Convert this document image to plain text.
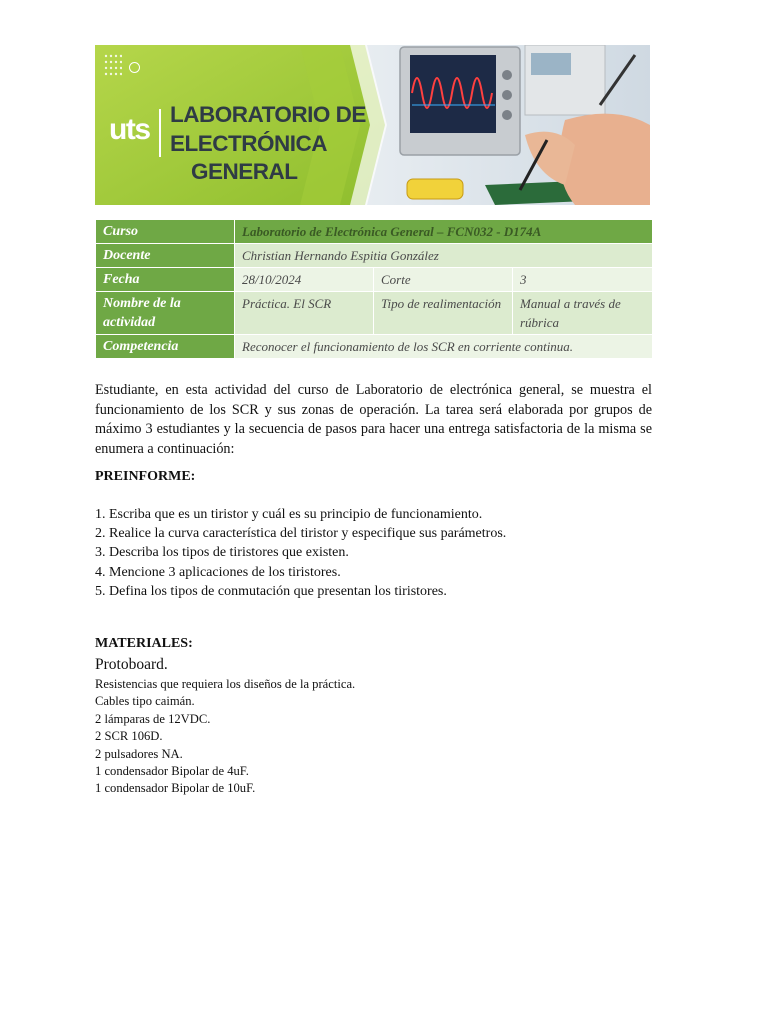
uts LABORATORIO DE
ELECTRÓNICA
GENERAL
Curso	Laboratorio de Electrónica General – FCN032 - D174A		
Docente	Christian Hernando Espitia González		
Fecha	28/10/2024	Corte	3
Nombre de la actividad	Práctica. El SCR	Tipo de realimentación	Manual a través de rúbrica
Competencia	Reconocer el funcionamiento de los SCR en corriente continua.		

Estudiante, en esta actividad del curso de Laboratorio de electrónica general, se muestra el funcionamiento de los SCR y sus zonas de operación. La tarea será elaborada por grupos de máximo 3 estudiantes y la secuencia de pasos para hacer una entrega satisfactoria de la misma se enumera a continuación:

PREINFORME:

1. Escriba que es un tiristor y cuál es su principio de funcionamiento.
2. Realice la curva característica del tiristor y especifique sus parámetros.
3. Describa los tipos de tiristores que existen.
4. Mencione 3 aplicaciones de los tiristores.
5. Defina los tipos de conmutación que presentan los tiristores.

MATERIALES:

Protoboard.

Resistencias que requiera los diseños de la práctica.
Cables tipo caimán.
2 lámparas de 12VDC.
2 SCR 106D.
2 pulsadores NA.
1 condensador Bipolar de 4uF.
1 condensador Bipolar de 10uF.
